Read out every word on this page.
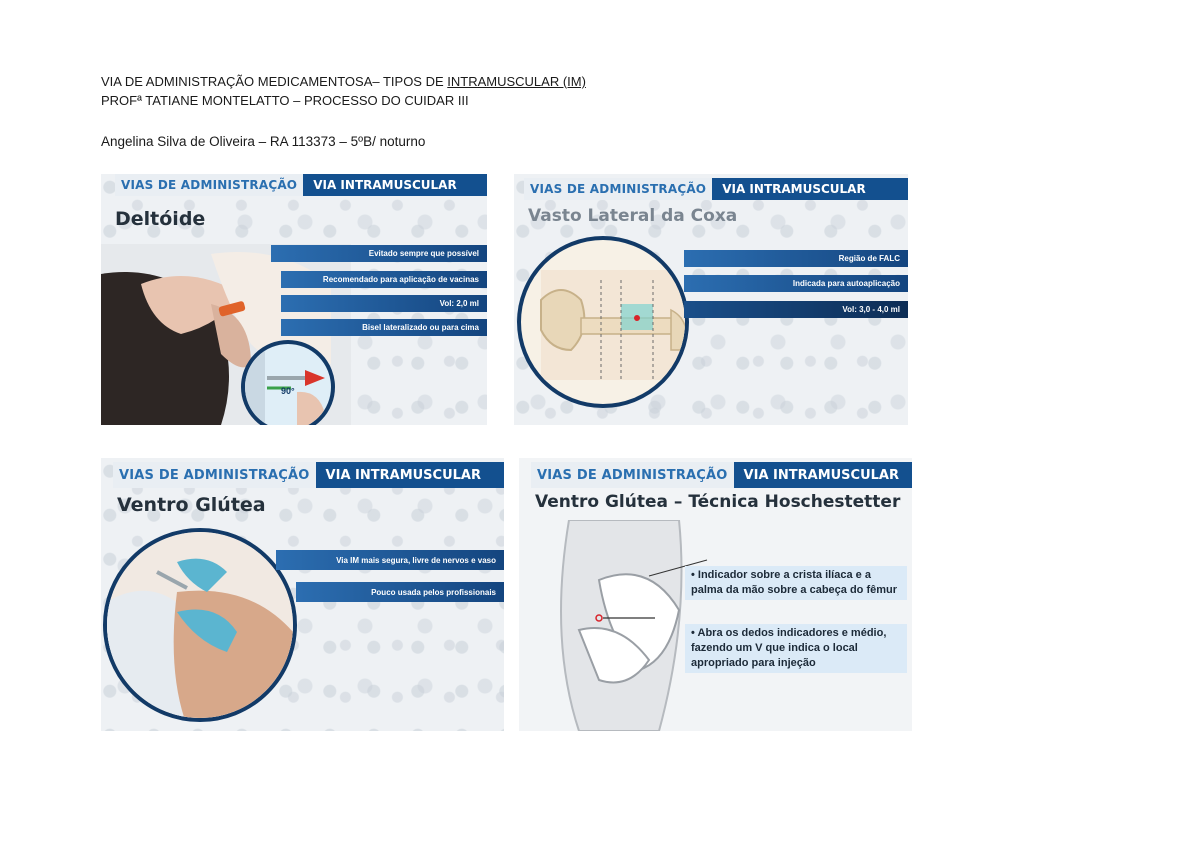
VIA DE ADMINISTRAÇÃO MEDICAMENTOSA– TIPOS DE INTRAMUSCULAR (IM)
PROFª TATIANE MONTELATTO – PROCESSO DO CUIDAR III
Angelina Silva de Oliveira – RA 113373 – 5ºB/ noturno
VIAS DE ADMINISTRAÇÃO	VIA INTRAMUSCULAR
Deltóide
90°
Evitado sempre que possível
Recomendado para aplicação de vacinas
Vol: 2,0 ml
Bisel lateralizado ou para cima
VIAS DE ADMINISTRAÇÃO	VIA INTRAMUSCULAR
Vasto Lateral da Coxa
Região de FALC
Indicada para autoaplicação
Vol: 3,0 - 4,0 ml
VIAS DE ADMINISTRAÇÃO	VIA INTRAMUSCULAR
Ventro Glútea
Via IM mais segura, livre de nervos e vaso
Pouco usada pelos profissionais
VIAS DE ADMINISTRAÇÃO	VIA INTRAMUSCULAR
Ventro Glútea – Técnica Hoschestetter
• Indicador sobre a crista ilíaca e a palma da mão sobre a cabeça do fêmur
• Abra os dedos indicadores e médio, fazendo um V que indica o local apropriado para injeção
